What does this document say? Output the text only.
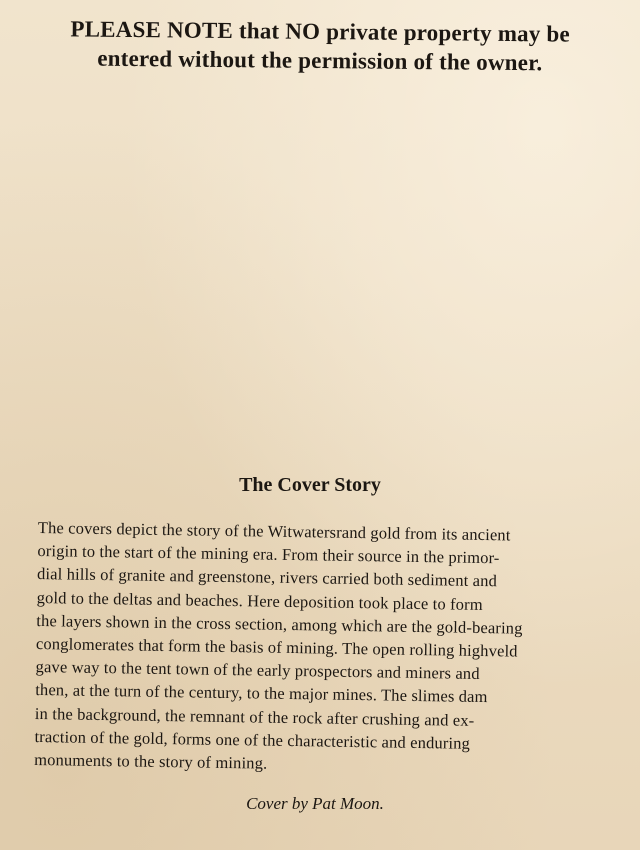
PLEASE NOTE that NO private property may be
entered without the permission of the owner.
The Cover Story
The covers depict the story of the Witwatersrand gold from its ancient
origin to the start of the mining era. From their source in the primor-
dial hills of granite and greenstone, rivers carried both sediment and
gold to the deltas and beaches. Here deposition took place to form
the layers shown in the cross section, among which are the gold-bearing
conglomerates that form the basis of mining. The open rolling highveld
gave way to the tent town of the early prospectors and miners and
then, at the turn of the century, to the major mines. The slimes dam
in the background, the remnant of the rock after crushing and ex-
traction of the gold, forms one of the characteristic and enduring
monuments to the story of mining.
Cover by Pat Moon.
